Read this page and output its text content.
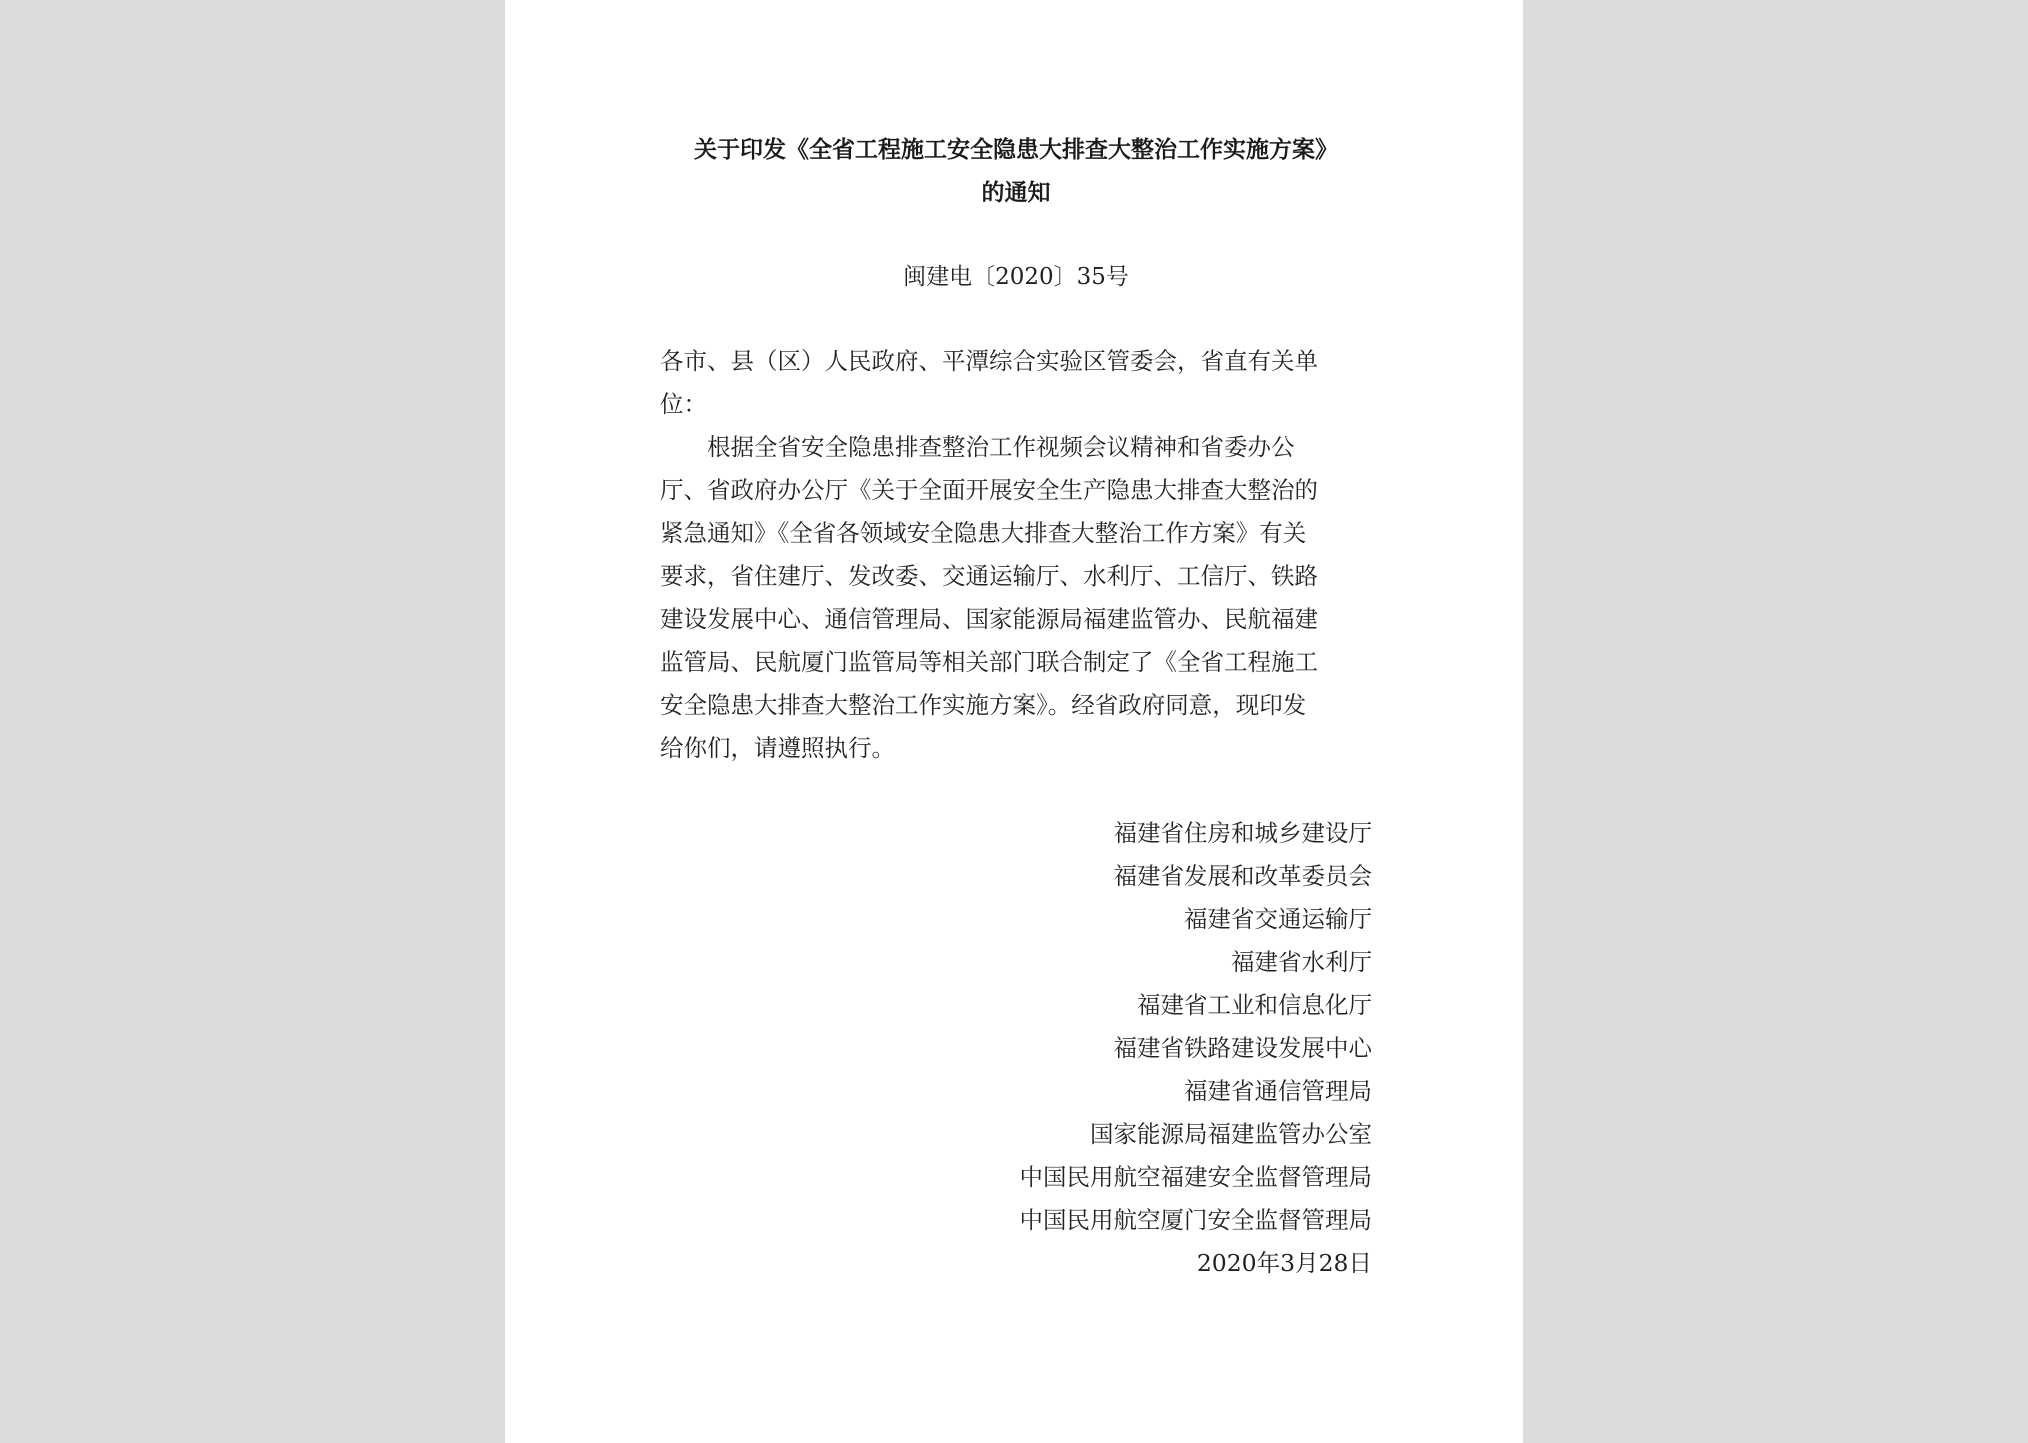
关于印发《全省工程施工安全隐患大排查大整治工作实施方案》
的通知
闽建电〔2020〕35号
各市、县（区）人民政府、平潭综合实验区管委会，省直有关单
位：
根据全省安全隐患排查整治工作视频会议精神和省委办公
厅、省政府办公厅《关于全面开展安全生产隐患大排查大整治的
紧急通知》《全省各领域安全隐患大排查大整治工作方案》有关
要求，省住建厅、发改委、交通运输厅、水利厅、工信厅、铁路
建设发展中心、通信管理局、国家能源局福建监管办、民航福建
监管局、民航厦门监管局等相关部门联合制定了《全省工程施工
安全隐患大排查大整治工作实施方案》。经省政府同意，现印发
给你们，请遵照执行。
福建省住房和城乡建设厅
福建省发展和改革委员会
福建省交通运输厅
福建省水利厅
福建省工业和信息化厅
福建省铁路建设发展中心
福建省通信管理局
国家能源局福建监管办公室
中国民用航空福建安全监督管理局
中国民用航空厦门安全监督管理局
2020年3月28日
